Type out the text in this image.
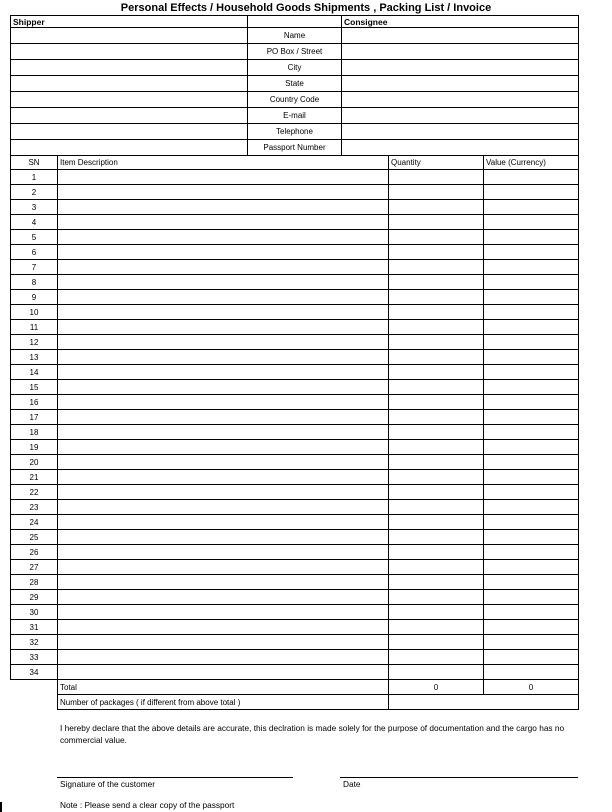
Personal Effects / Household Goods Shipments , Packing List / Invoice
Shipper		Consignee
	Name	
	PO Box / Street	
	City	
	State	
	Country Code	
	E-mail	
	Telephone	
	Passport Number	
SN	Item Description	Quantity	Value (Currency)
1			
2			
3			
4			
5			
6			
7			
8			
9			
10			
11			
12			
13			
14			
15			
16			
17			
18			
19			
20			
21			
22			
23			
24			
25			
26			
27			
28			
29			
30			
31			
32			
33			
34			
	Total	0	0
	Number of packages ( if different from above total )		
I hereby declare that the above details are accurate, this declration is made solely for the purpose of documentation and the cargo has no commercial value.
Signature of the customer	Date
Note : Please send a clear copy of the passport
